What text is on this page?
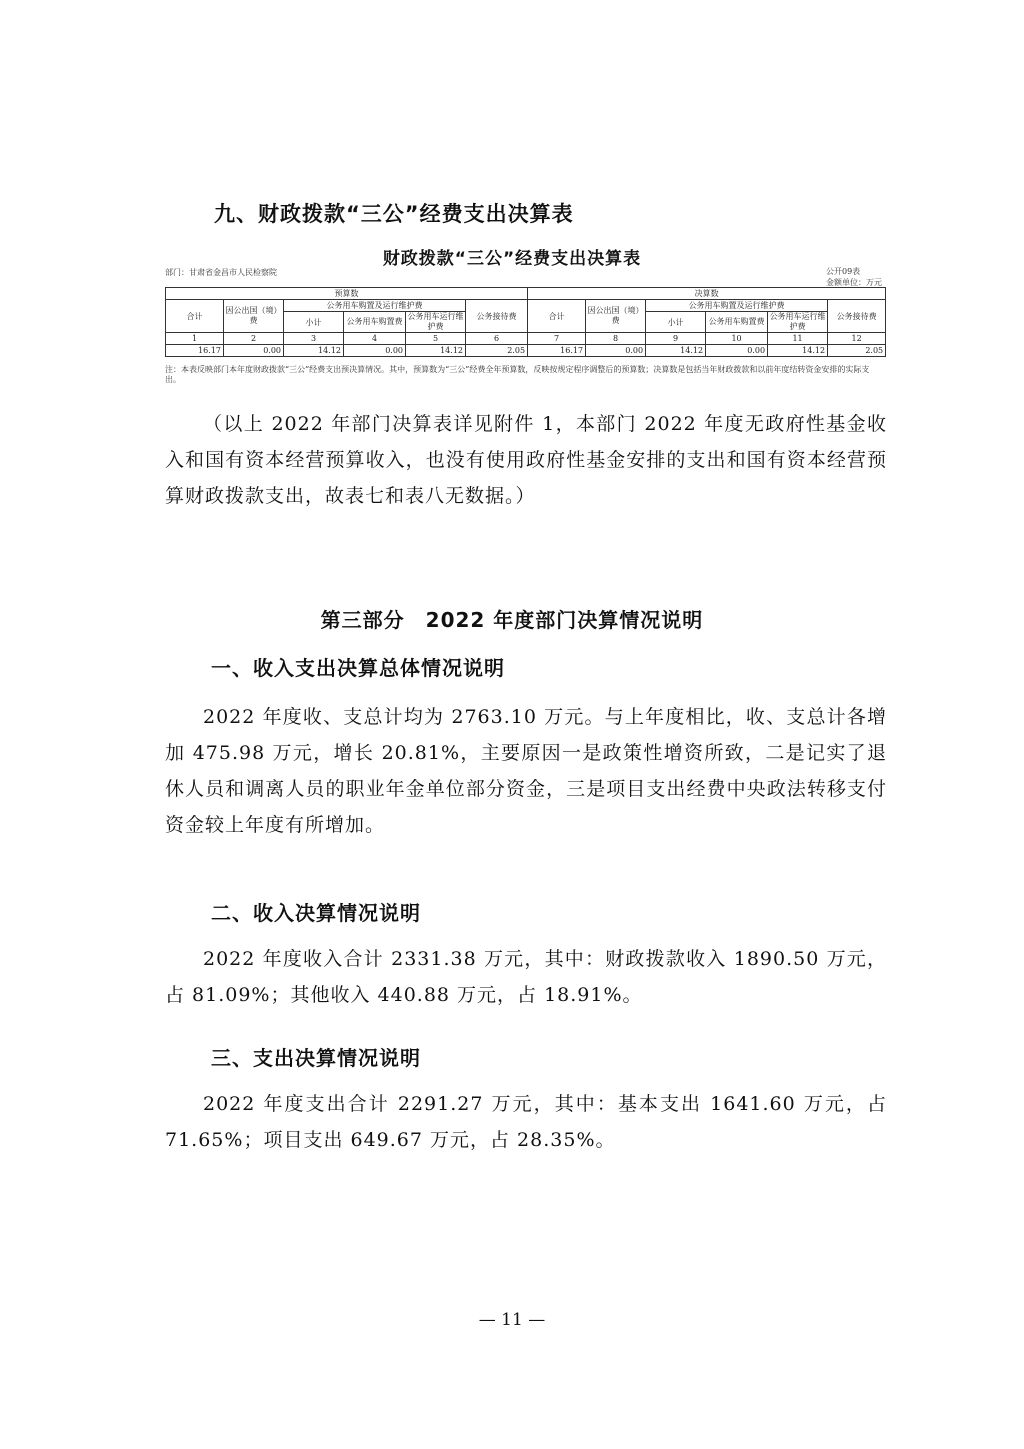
九、财政拨款“三公”经费支出决算表
财政拨款“三公”经费支出决算表
部门：甘肃省金昌市人民检察院	公开09表
金额单位：万元
预算数						决算数					
合计	因公出国（境）费	公务用车购置及运行维护费			公务接待费	合计	因公出国（境）费	公务用车购置及运行维护费			公务接待费
		小计	公务用车购置费	公务用车运行维护费				小计	公务用车购置费	公务用车运行维护费	
1	2	3	4	5	6	7	8	9	10	11	12
16.17	0.00	14.12	0.00	14.12	2.05	16.17	0.00	14.12	0.00	14.12	2.05
注：本表反映部门本年度财政拨款“三公”经费支出预决算情况。其中，预算数为“三公”经费全年预算数，反映按规定程序调整后的预算数；决算数是包括当年财政拨款和以前年度结转资金安排的实际支出。

（以上 2022 年部门决算表详见附件 1，本部门 2022 年度无政府性基金收入和国有资本经营预算收入，也没有使用政府性基金安排的支出和国有资本经营预算财政拨款支出，故表七和表八无数据。）

第三部分　2022 年度部门决算情况说明
一、收入支出决算总体情况说明

2022 年度收、支总计均为 2763.10 万元。与上年度相比，收、支总计各增加 475.98 万元，增长 20.81%，主要原因一是政策性增资所致，二是记实了退休人员和调离人员的职业年金单位部分资金，三是项目支出经费中央政法转移支付资金较上年度有所增加。

二、收入决算情况说明

2022 年度收入合计 2331.38 万元，其中：财政拨款收入 1890.50 万元，占 81.09%；其他收入 440.88 万元，占 18.91%。

三、支出决算情况说明

2022 年度支出合计 2291.27 万元，其中：基本支出 1641.60 万元，占 71.65%；项目支出 649.67 万元，占 28.35%。

— 11 —
